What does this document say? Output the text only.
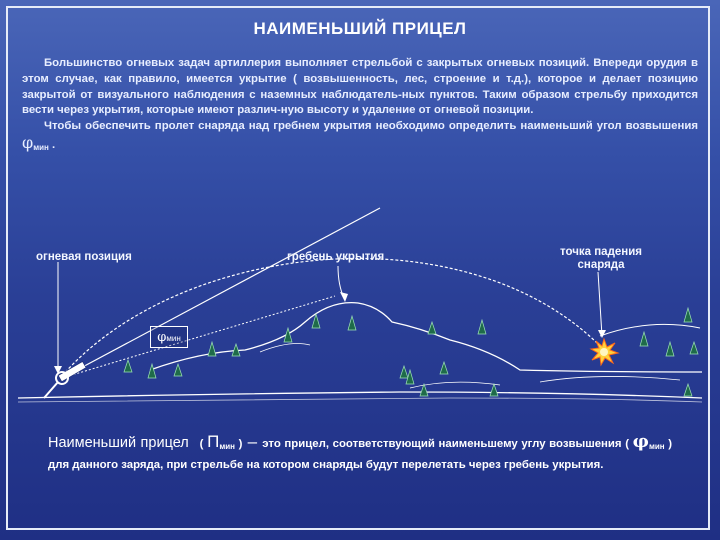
НАИМЕНЬШИЙ ПРИЦЕЛ

Большинство огневых задач артиллерия выполняет стрельбой с закрытых огневых позиций. Впереди орудия в этом случае, как правило, имеется укрытие ( возвышенность, лес, строение и т.д.), которое и делает позицию закрытой от визуального наблюдения с наземных наблюдатель-ных пунктов. Таким образом стрельбу приходится вести через укрытия, которые имеют различ-ную высоту и удаление от огневой позиции.

Чтобы обеспечить пролет снаряда над гребнем укрытия необходимо определить наименьший угол возвышения $\varphi_{мин}$ .

огневая позиция	гребень укрытия	точка падения снаряда
φмин
Наименьший прицел ( $П_{мин}$ ) – это прицел, соответствующий наименьшему углу возвышения ( $\varphi_{мин}$ ) для данного заряда, при стрельбе на котором снаряды будут перелетать через гребень укрытия.
